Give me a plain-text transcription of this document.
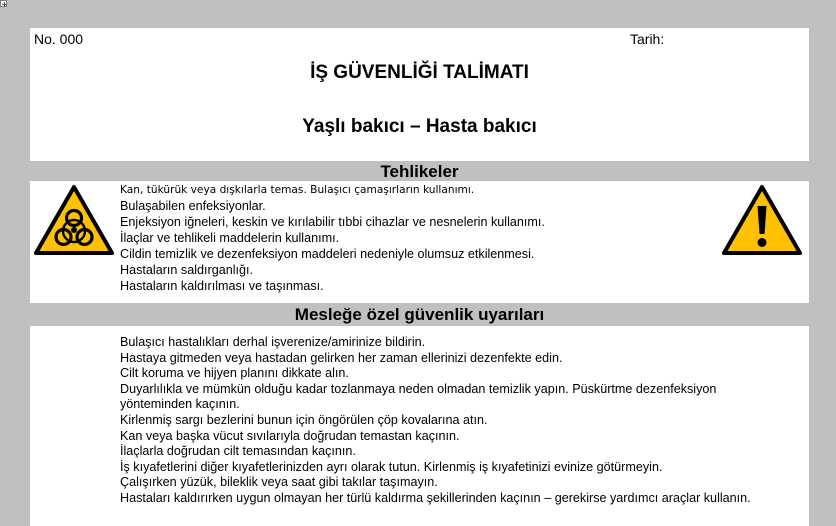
No. 000	Tarih:
İŞ GÜVENLİĞİ TALİMATI
Yaşlı bakıcı – Hasta bakıcı
Tehlikeler
Kan, tükürük veya dışkılarla temas. Bulaşıcı çamaşırların kullanımı.
Bulaşabilen enfeksiyonlar.
Enjeksiyon iğneleri, keskin ve kırılabilir tıbbi cihazlar ve nesnelerin kullanımı.
İlaçlar ve tehlikeli maddelerin kullanımı.
Cildin temizlik ve dezenfeksiyon maddeleri nedeniyle olumsuz etkilenmesi.
Hastaların saldırganlığı.
Hastaların kaldırılması ve taşınması.
Mesleğe özel güvenlik uyarıları
Bulaşıcı hastalıkları derhal işverenize/amirinize bildirin.
Hastaya gitmeden veya hastadan gelirken her zaman ellerinizi dezenfekte edin.
Cilt koruma ve hijyen planını dikkate alın.
Duyarlılıkla ve mümkün olduğu kadar tozlanmaya neden olmadan temizlik yapın. Püskürtme dezenfeksiyon yönteminden kaçının.
Kirlenmiş sargı bezlerini bunun için öngörülen çöp kovalarına atın.
Kan veya başka vücut sıvılarıyla doğrudan temastan kaçının.
İlaçlarla doğrudan cilt temasından kaçının.
İş kıyafetlerini diğer kıyafetlerinizden ayrı olarak tutun. Kirlenmiş iş kıyafetinizi evinize götürmeyin.
Çalışırken yüzük, bileklik veya saat gibi takılar taşımayın.
Hastaları kaldırırken uygun olmayan her türlü kaldırma şekillerinden kaçının – gerekirse yardımcı araçlar kullanın.
